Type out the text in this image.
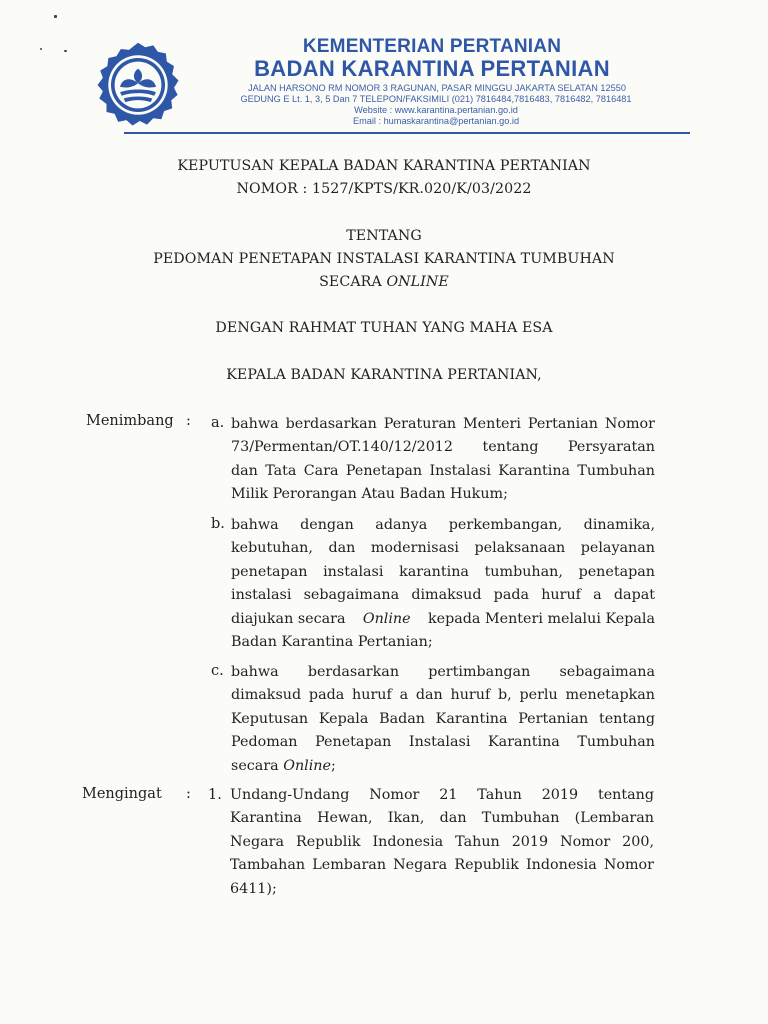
KEMENTERIAN PERTANIAN
BADAN KARANTINA PERTANIAN
JALAN HARSONO RM NOMOR 3 RAGUNAN, PASAR MINGGU JAKARTA SELATAN 12550
GEDUNG E Lt. 1, 3, 5 Dan 7 TELEPON/FAKSIMILI (021) 7816484,7816483, 7816482, 7816481
Website : www.karantina.pertanian.go.id
Email : humaskarantina@pertanian.go.id
KEPUTUSAN KEPALA BADAN KARANTINA PERTANIAN
NOMOR : 1527/KPTS/KR.020/K/03/2022
TENTANG
PEDOMAN PENETAPAN INSTALASI KARANTINA TUMBUHAN
SECARA ONLINE
DENGAN RAHMAT TUHAN YANG MAHA ESA
KEPALA BADAN KARANTINA PERTANIAN,
Menimbang : a. bahwa berdasarkan Peraturan Menteri Pertanian Nomor
73/Permentan/OT.140/12/2012 tentang Persyaratan
dan Tata Cara Penetapan Instalasi Karantina Tumbuhan
Milik Perorangan Atau Badan Hukum;
b. bahwa dengan adanya perkembangan, dinamika,
kebutuhan, dan modernisasi pelaksanaan pelayanan
penetapan instalasi karantina tumbuhan, penetapan
instalasi sebagaimana dimaksud pada huruf a dapat
diajukan secara Online kepada Menteri melalui Kepala
Badan Karantina Pertanian;
c. bahwa berdasarkan pertimbangan sebagaimana
dimaksud pada huruf a dan huruf b, perlu menetapkan
Keputusan Kepala Badan Karantina Pertanian tentang
Pedoman Penetapan Instalasi Karantina Tumbuhan
secara Online;
Mengingat : 1. Undang-Undang Nomor 21 Tahun 2019 tentang
Karantina Hewan, Ikan, dan Tumbuhan (Lembaran
Negara Republik Indonesia Tahun 2019 Nomor 200,
Tambahan Lembaran Negara Republik Indonesia Nomor
6411);
